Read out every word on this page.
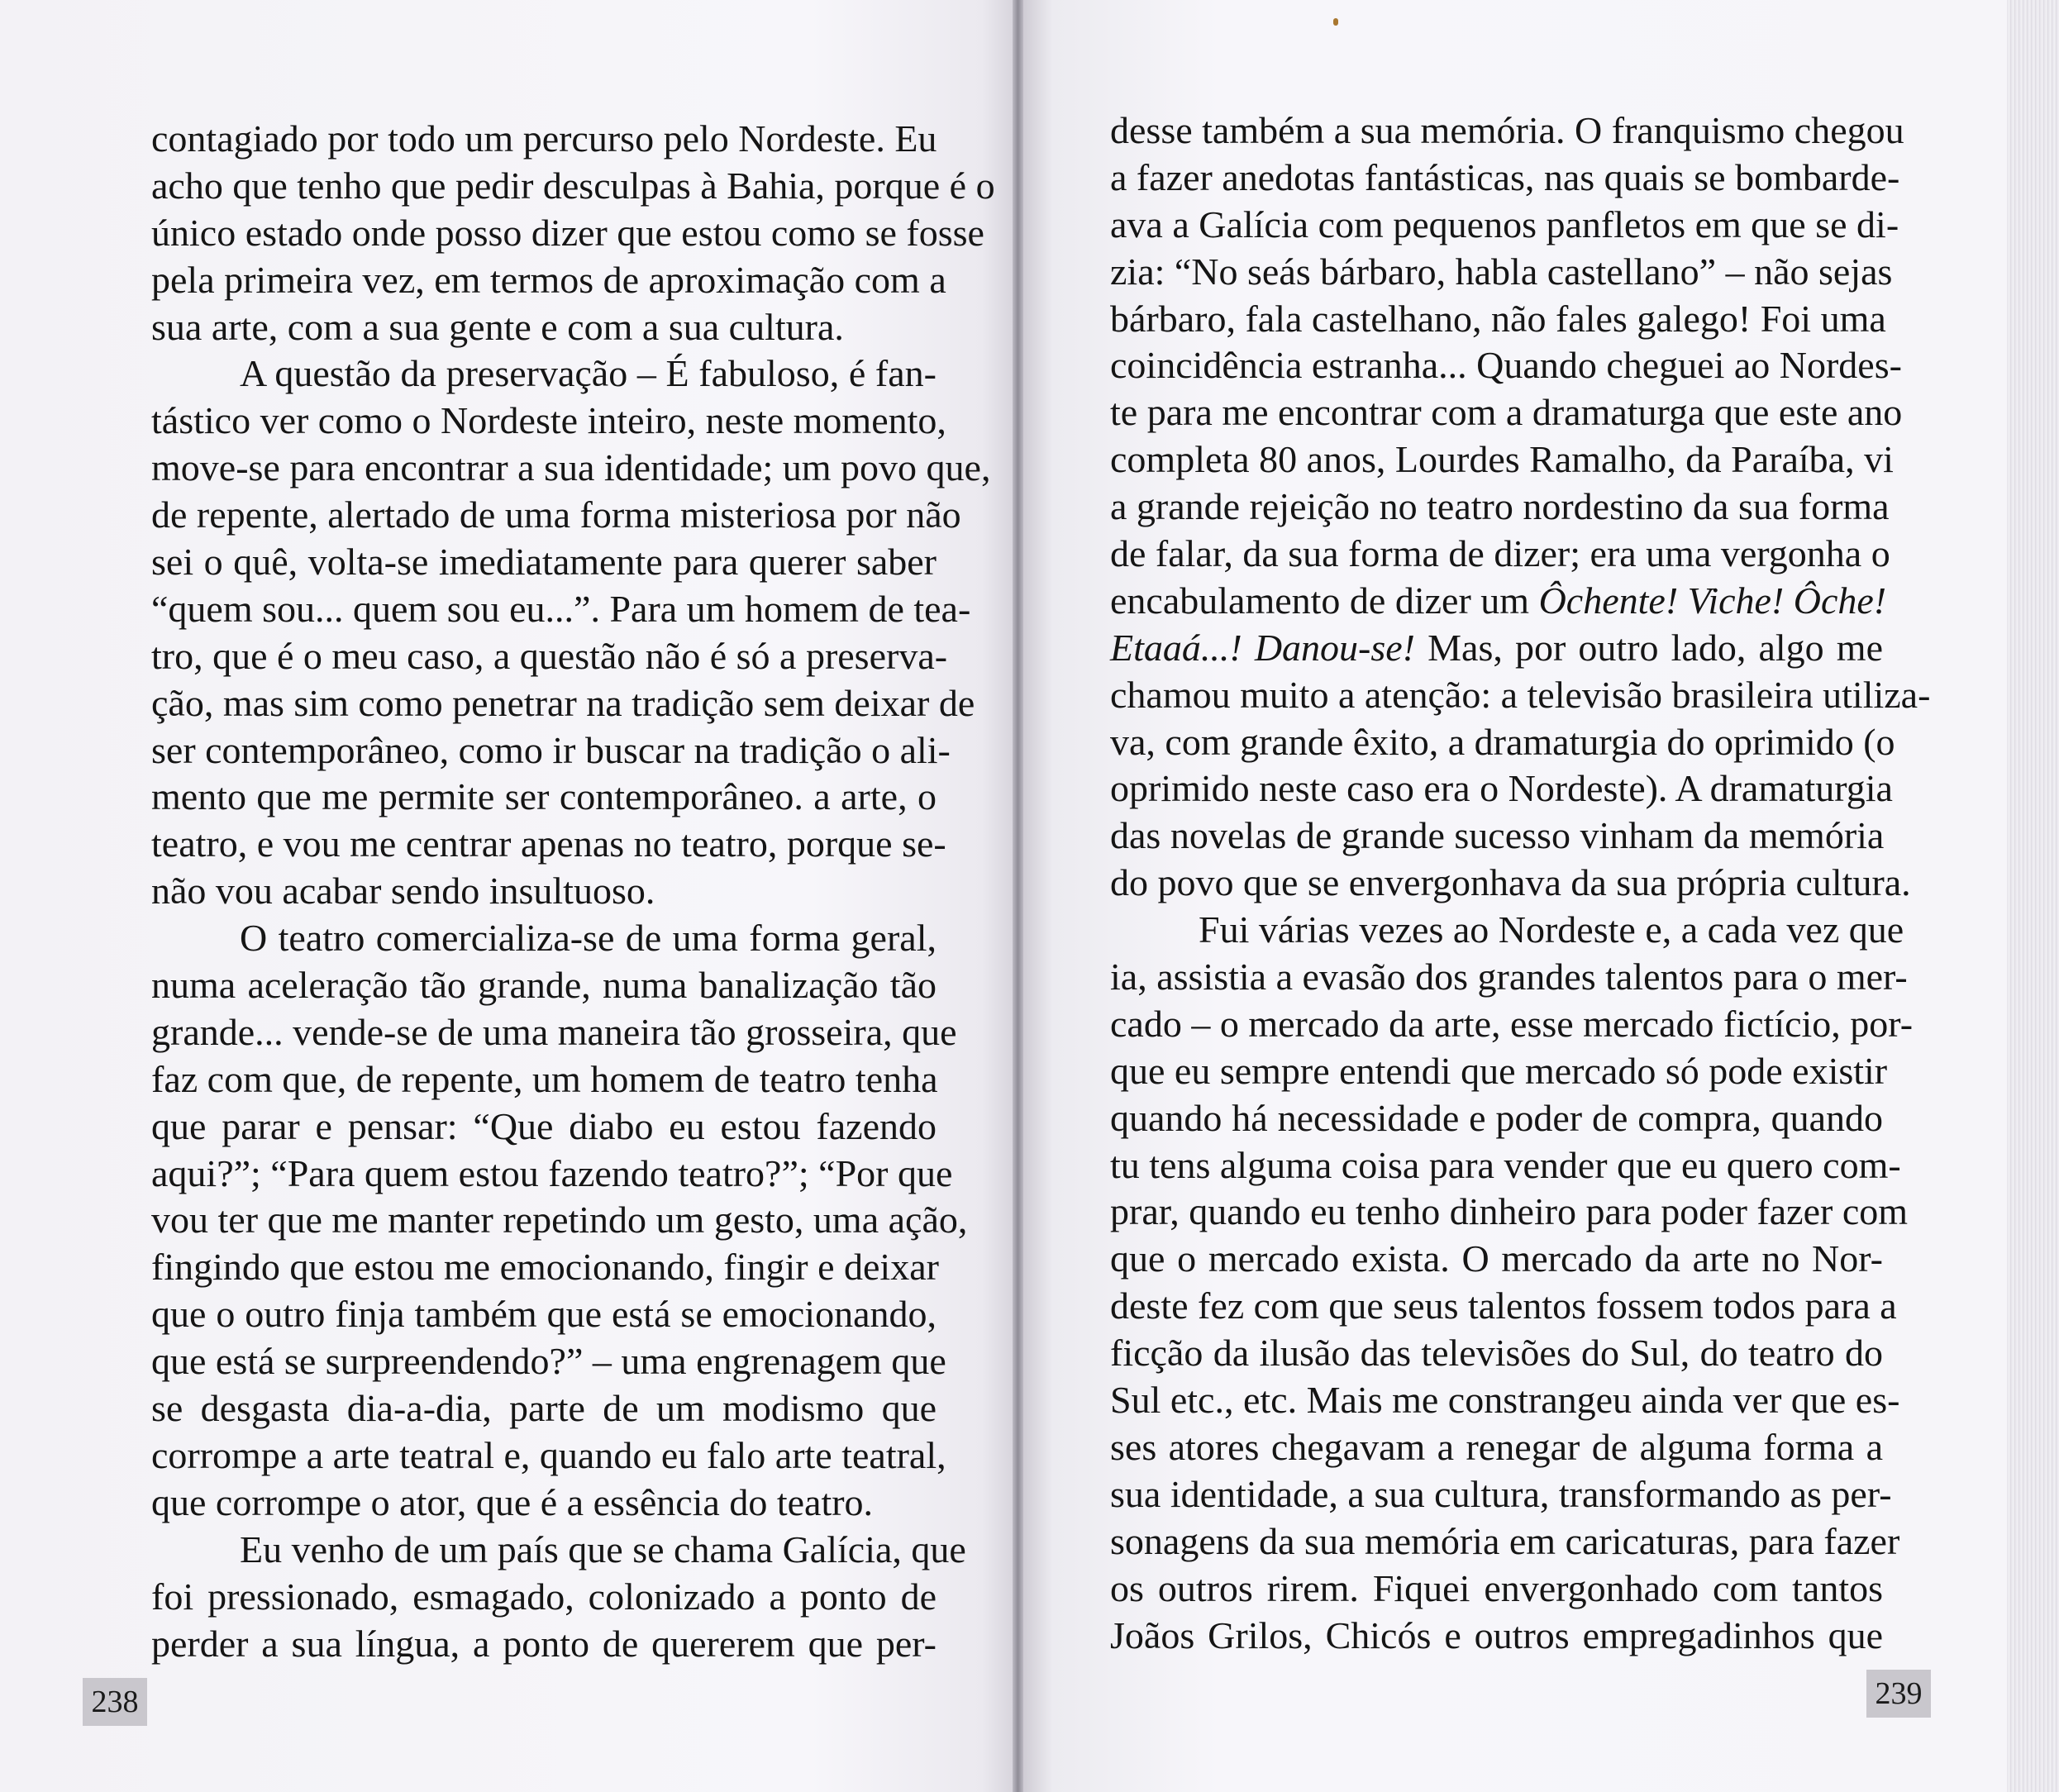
contagiado por todo um percurso pelo Nordeste. Eu
acho que tenho que pedir desculpas à Bahia, porque é o
único estado onde posso dizer que estou como se fosse
pela primeira vez, em termos de aproximação com a
sua arte, com a sua gente e com a sua cultura.
A questão da preservação – É fabuloso, é fan-
tástico ver como o Nordeste inteiro, neste momento,
move-se para encontrar a sua identidade; um povo que,
de repente, alertado de uma forma misteriosa por não
sei o quê, volta-se imediatamente para querer saber
“quem sou... quem sou eu...”. Para um homem de tea-
tro, que é o meu caso, a questão não é só a preserva-
ção, mas sim como penetrar na tradição sem deixar de
ser contemporâneo, como ir buscar na tradição o ali-
mento que me permite ser contemporâneo. a arte, o
teatro, e vou me centrar apenas no teatro, porque se-
não vou acabar sendo insultuoso.
O teatro comercializa-se de uma forma geral,
numa aceleração tão grande, numa banalização tão
grande... vende-se de uma maneira tão grosseira, que
faz com que, de repente, um homem de teatro tenha
que parar e pensar: “Que diabo eu estou fazendo
aqui?”; “Para quem estou fazendo teatro?”; “Por que
vou ter que me manter repetindo um gesto, uma ação,
fingindo que estou me emocionando, fingir e deixar
que o outro finja também que está se emocionando,
que está se surpreendendo?” – uma engrenagem que
se desgasta dia-a-dia, parte de um modismo que
corrompe a arte teatral e, quando eu falo arte teatral,
que corrompe o ator, que é a essência do teatro.
Eu venho de um país que se chama Galícia, que
foi pressionado, esmagado, colonizado a ponto de
perder a sua língua, a ponto de quererem que per-
238
desse também a sua memória. O franquismo chegou
a fazer anedotas fantásticas, nas quais se bombarde-
ava a Galícia com pequenos panfletos em que se di-
zia: “No seás bárbaro, habla castellano” – não sejas
bárbaro, fala castelhano, não fales galego! Foi uma
coincidência estranha... Quando cheguei ao Nordes-
te para me encontrar com a dramaturga que este ano
completa 80 anos, Lourdes Ramalho, da Paraíba, vi
a grande rejeição no teatro nordestino da sua forma
de falar, da sua forma de dizer; era uma vergonha o
encabulamento de dizer um Ôchente! Viche! Ôche!
Etaaá...! Danou-se! Mas, por outro lado, algo me
chamou muito a atenção: a televisão brasileira utiliza-
va, com grande êxito, a dramaturgia do oprimido (o
oprimido neste caso era o Nordeste). A dramaturgia
das novelas de grande sucesso vinham da memória
do povo que se envergonhava da sua própria cultura.
Fui várias vezes ao Nordeste e, a cada vez que
ia, assistia a evasão dos grandes talentos para o mer-
cado – o mercado da arte, esse mercado fictício, por-
que eu sempre entendi que mercado só pode existir
quando há necessidade e poder de compra, quando
tu tens alguma coisa para vender que eu quero com-
prar, quando eu tenho dinheiro para poder fazer com
que o mercado exista. O mercado da arte no Nor-
deste fez com que seus talentos fossem todos para a
ficção da ilusão das televisões do Sul, do teatro do
Sul etc., etc. Mais me constrangeu ainda ver que es-
ses atores chegavam a renegar de alguma forma a
sua identidade, a sua cultura, transformando as per-
sonagens da sua memória em caricaturas, para fazer
os outros rirem. Fiquei envergonhado com tantos
Joãos Grilos, Chicós e outros empregadinhos que
239
